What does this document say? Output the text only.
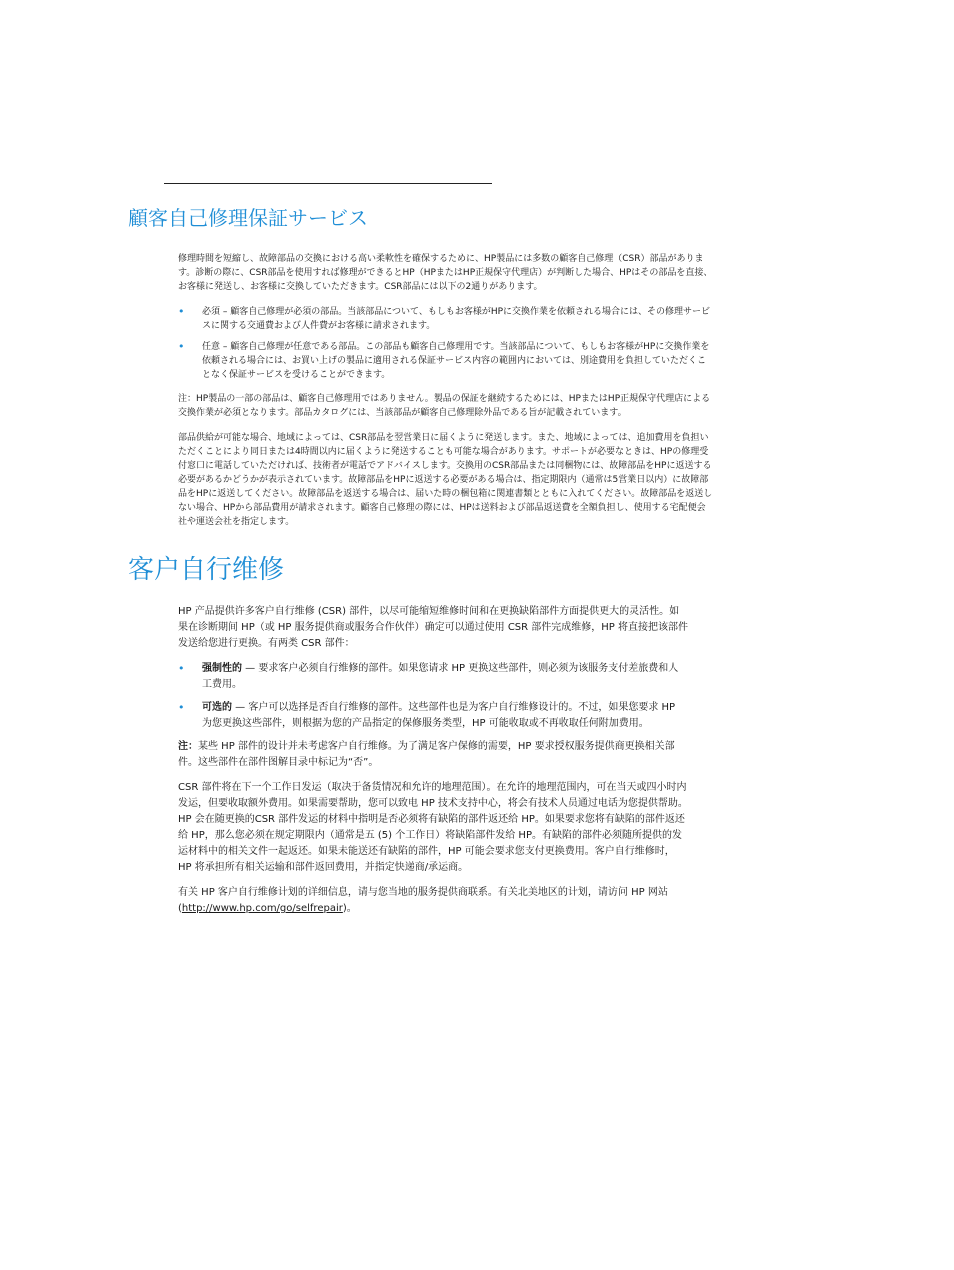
顧客自己修理保証サービス

修理時間を短縮し、故障部品の交換における高い柔軟性を確保するために、HP製品には多数の顧客自己修理（CSR）部品があります。診断の際に、CSR部品を使用すれば修理ができるとHP（HPまたはHP正規保守代理店）が判断した場合、HPはその部品を直接、お客様に発送し、お客様に交換していただきます。CSR部品には以下の2通りがあります。

• 必須 – 顧客自己修理が必須の部品。当該部品について、もしもお客様がHPに交換作業を依頼される場合には、その修理サービスに関する交通費および人件費がお客様に請求されます。
• 任意 – 顧客自己修理が任意である部品。この部品も顧客自己修理用です。当該部品について、もしもお客様がHPに交換作業を依頼される場合には、お買い上げの製品に適用される保証サービス内容の範囲内においては、別途費用を負担していただくことなく保証サービスを受けることができます。

注：HP製品の一部の部品は、顧客自己修理用ではありません。製品の保証を継続するためには、HPまたはHP正規保守代理店による交換作業が必須となります。部品カタログには、当該部品が顧客自己修理除外品である旨が記載されています。

部品供給が可能な場合、地域によっては、CSR部品を翌営業日に届くように発送します。また、地域によっては、追加費用を負担いただくことにより同日または4時間以内に届くように発送することも可能な場合があります。サポートが必要なときは、HPの修理受付窓口に電話していただければ、技術者が電話でアドバイスします。交換用のCSR部品または同梱物には、故障部品をHPに返送する必要があるかどうかが表示されています。故障部品をHPに返送する必要がある場合は、指定期限内（通常は5営業日以内）に故障部品をHPに返送してください。故障部品を返送する場合は、届いた時の梱包箱に関連書類とともに入れてください。故障部品を返送しない場合、HPから部品費用が請求されます。顧客自己修理の際には、HPは送料および部品返送費を全額負担し、使用する宅配便会社や運送会社を指定します。

客户自行维修

HP 产品提供许多客户自行维修 (CSR) 部件，以尽可能缩短维修时间和在更换缺陷部件方面提供更大的灵活性。如果在诊断期间 HP（或 HP 服务提供商或服务合作伙伴）确定可以通过使用 CSR 部件完成维修，HP 将直接把该部件发送给您进行更换。有两类 CSR 部件：

• 强制性的 — 要求客户必须自行维修的部件。如果您请求 HP 更换这些部件，则必须为该服务支付差旅费和人工费用。
• 可选的 — 客户可以选择是否自行维修的部件。这些部件也是为客户自行维修设计的。不过，如果您要求 HP 为您更换这些部件，则根据为您的产品指定的保修服务类型，HP 可能收取或不再收取任何附加费用。

注：某些 HP 部件的设计并未考虑客户自行维修。为了满足客户保修的需要，HP 要求授权服务提供商更换相关部件。这些部件在部件图解目录中标记为“否”。

CSR 部件将在下一个工作日发运（取决于备货情况和允许的地理范围）。在允许的地理范围内，可在当天或四小时内发运，但要收取额外费用。如果需要帮助，您可以致电 HP 技术支持中心，将会有技术人员通过电话为您提供帮助。HP 会在随更换的CSR 部件发运的材料中指明是否必须将有缺陷的部件返还给 HP。如果要求您将有缺陷的部件返还给 HP，那么您必须在规定期限内（通常是五 (5) 个工作日）将缺陷部件发给 HP。有缺陷的部件必须随所提供的发运材料中的相关文件一起返还。如果未能送还有缺陷的部件，HP 可能会要求您支付更换费用。客户自行维修时，HP 将承担所有相关运输和部件返回费用，并指定快递商/承运商。

有关 HP 客户自行维修计划的详细信息，请与您当地的服务提供商联系。有关北美地区的计划，请访问 HP 网站 (http://www.hp.com/go/selfrepair)。
